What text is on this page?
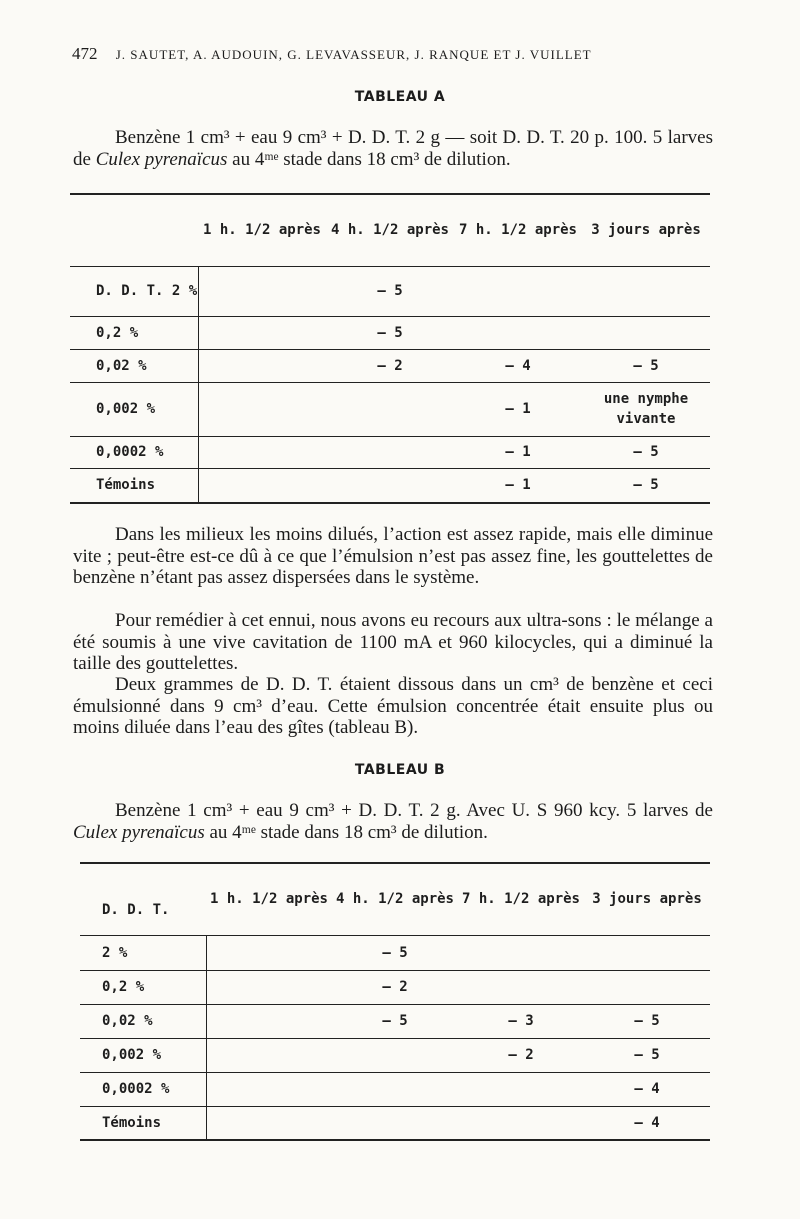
472 J. SAUTET, A. AUDOUIN, G. LEVAVASSEUR, J. RANQUE ET J. VUILLET
TABLEAU A

Benzène 1 cm³ + eau 9 cm³ + D. D. T. 2 g — soit D. D. T. 20 p. 100. 5 larves de Culex pyrenaïcus au 4ᵐᵉ stade dans 18 cm³ de dilution.

	1 h. 1/2 après	4 h. 1/2 après	7 h. 1/2 après	3 jours après
D. D. T. 2 %		— 5		
0,2 %		— 5		
0,02 %		— 2	— 4	— 5
0,002 %			— 1	une nymphe vivante
0,0002 %			— 1	— 5
Témoins			— 1	— 5

Dans les milieux les moins dilués, l’action est assez rapide, mais elle diminue vite ; peut-être est-ce dû à ce que l’émulsion n’est pas assez fine, les gouttelettes de benzène n’étant pas assez dispersées dans le système.

Pour remédier à cet ennui, nous avons eu recours aux ultra-sons : le mélange a été soumis à une vive cavitation de 1100 mA et 960 kilocycles, qui a diminué la taille des gouttelettes.

Deux grammes de D. D. T. étaient dissous dans un cm³ de benzène et ceci émulsionné dans 9 cm³ d’eau. Cette émulsion concentrée était ensuite plus ou moins diluée dans l’eau des gîtes (tableau B).

TABLEAU B

Benzène 1 cm³ + eau 9 cm³ + D. D. T. 2 g. Avec U. S 960 kcy. 5 larves de Culex pyrenaïcus au 4ᵐᵉ stade dans 18 cm³ de dilution.

D. D. T.	1 h. 1/2 après	4 h. 1/2 après	7 h. 1/2 après	3 jours après
2 %		— 5		
0,2 %		— 2		
0,02 %		— 5	— 3	— 5
0,002 %			— 2	— 5
0,0002 %				— 4
Témoins				— 4
